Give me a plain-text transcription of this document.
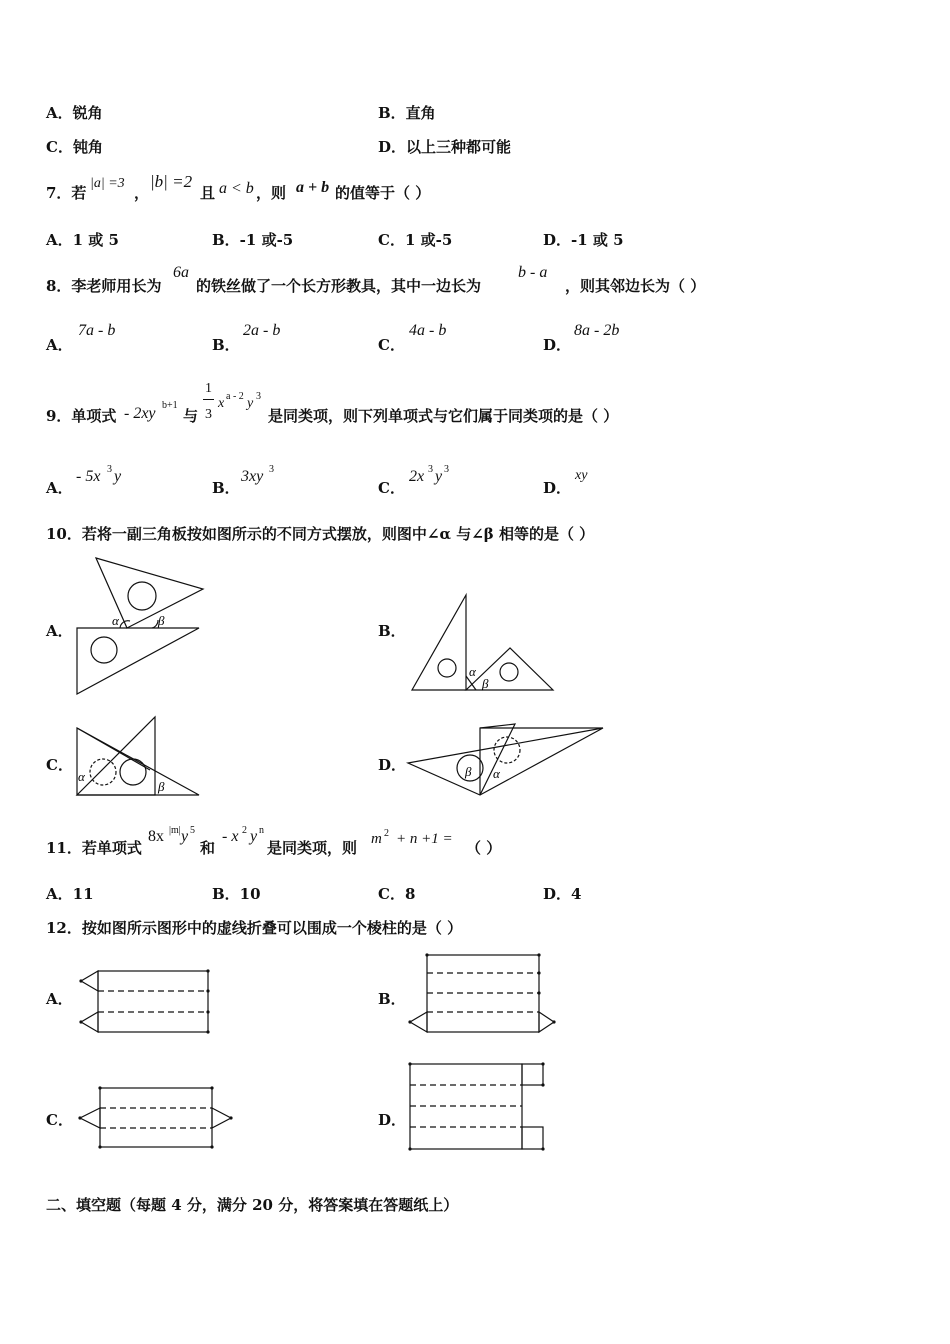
A．锐角	B．直角
C．钝角	D．以上三种都可能
7．若
|a| =3
，
|b| =2
且 a < b ，则 a + b 的值等于（ ）
A．1 或 5	B．-1 或-5	C．1 或-5	D．-1 或 5
8．李老师用长为
6a
的铁丝做了一个长方形教具，其中一边长为
b - a
，则其邻边长为（ ）
A．
7a - b
B．
2a - b
C．
4a - b
D．
8a - 2b
9．单项式 - 2xy b+1
与
1
3
x a - 2 y 3
是同类项，则下列单项式与它们属于同类项的是（ ）
A．
- 5x 3 y
B．
3xy 3
C．
2x 3 y 3
D．
xy
10．若将一副三角板按如图所示的不同方式摆放，则图中∠α 与∠β 相等的是（ ）
A．
α	β
B．
α
β
C．
α
β
D．	β α
11．若单项式
8x |m| y 5
和
- x 2 y n
是同类项，则 m 2 + n +1 = （ ）
A．11	B．10	C．8	D．4
12．按如图所示图形中的虚线折叠可以围成一个棱柱的是（ ）
A．	B．
C．	D．
二、填空题（每题 4 分，满分 20 分，将答案填在答题纸上）
